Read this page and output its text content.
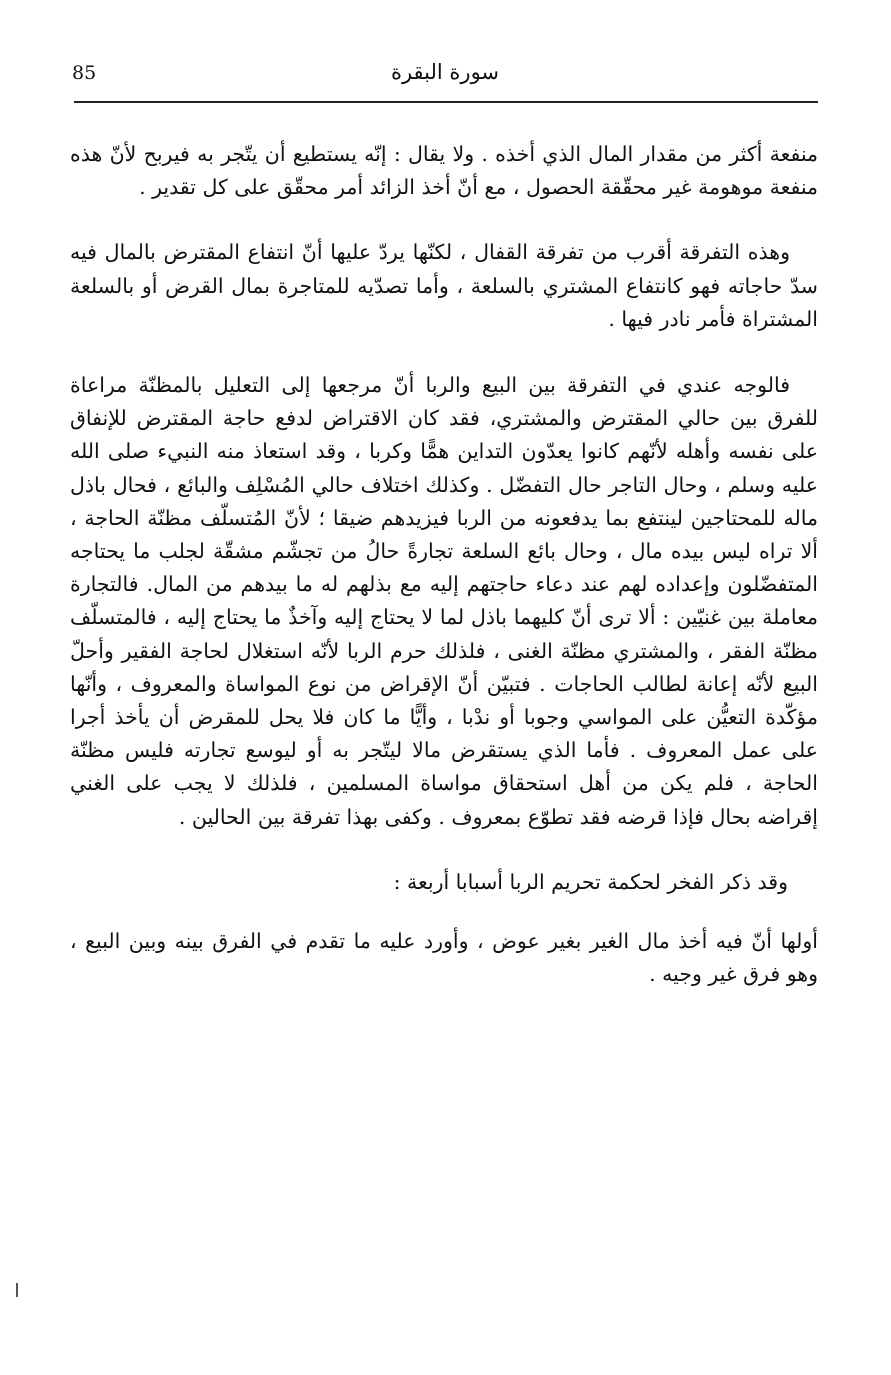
85	سورة البقرة

منفعة أكثر من مقدار المال الذي أخذه . ولا يقال : إنّه يستطيع أن يتّجر به فيربح لأنّ هذه منفعة موهومة غير محقّقة الحصول ، مع أنّ أخذ الزائد أمر محقّق على كل تقدير .

وهذه التفرقة أقرب من تفرقة القفال ، لكنّها يردّ عليها أنّ انتفاع المقترض بالمال فيه سدّ حاجاته فهو كانتفاع المشتري بالسلعة ، وأما تصدّيه للمتاجرة بمال القرض أو بالسلعة المشتراة فأمر نادر فيها .

فالوجه عندي في التفرقة بين البيع والربا أنّ مرجعها إلى التعليل بالمظنّة مراعاة للفرق بين حالي المقترض والمشتري، فقد كان الاقتراض لدفع حاجة المقترض للإنفاق على نفسه وأهله لأنّهم كانوا يعدّون التداين همًّا وكربا ، وقد استعاذ منه النبيء صلى الله عليه وسلم ، وحال التاجر حال التفضّل . وكذلك اختلاف حالي المُسْلِف والبائع ، فحال باذل ماله للمحتاجين لينتفع بما يدفعونه من الربا فيزيدهم ضيقا ؛ لأنّ المُتسلّف مظنّة الحاجة ، ألا تراه ليس بيده مال ، وحال بائع السلعة تجارةً حالُ من تجشّم مشقّة لجلب ما يحتاجه المتفضّلون وإعداده لهم عند دعاء حاجتهم إليه مع بذلهم له ما بيدهم من المال. فالتجارة معاملة بين غنيّين : ألا ترى أنّ كليهما باذل لما لا يحتاج إليه وآخذٌ ما يحتاج إليه ، فالمتسلّف مظنّة الفقر ، والمشتري مظنّة الغنى ، فلذلك حرم الربا لأنّه استغلال لحاجة الفقير وأحلّ البيع لأنّه إعانة لطالب الحاجات . فتبيّن أنّ الإقراض من نوع المواساة والمعروف ، وأنّها مؤكّدة التعيُّن على المواسي وجوبا أو ندْبا ، وأيًّا ما كان فلا يحل للمقرض أن يأخذ أجرا على عمل المعروف . فأما الذي يستقرض مالا ليتّجر به أو ليوسع تجارته فليس مظنّة الحاجة ، فلم يكن من أهل استحقاق مواساة المسلمين ، فلذلك لا يجب على الغني إقراضه بحال فإذا قرضه فقد تطوّع بمعروف . وكفى بهذا تفرقة بين الحالين .

وقد ذكر الفخر لحكمة تحريم الربا أسبابا أربعة :

أولها أنّ فيه أخذ مال الغير بغير عوض ، وأورد عليه ما تقدم في الفرق بينه وبين البيع ، وهو فرق غير وجيه .
